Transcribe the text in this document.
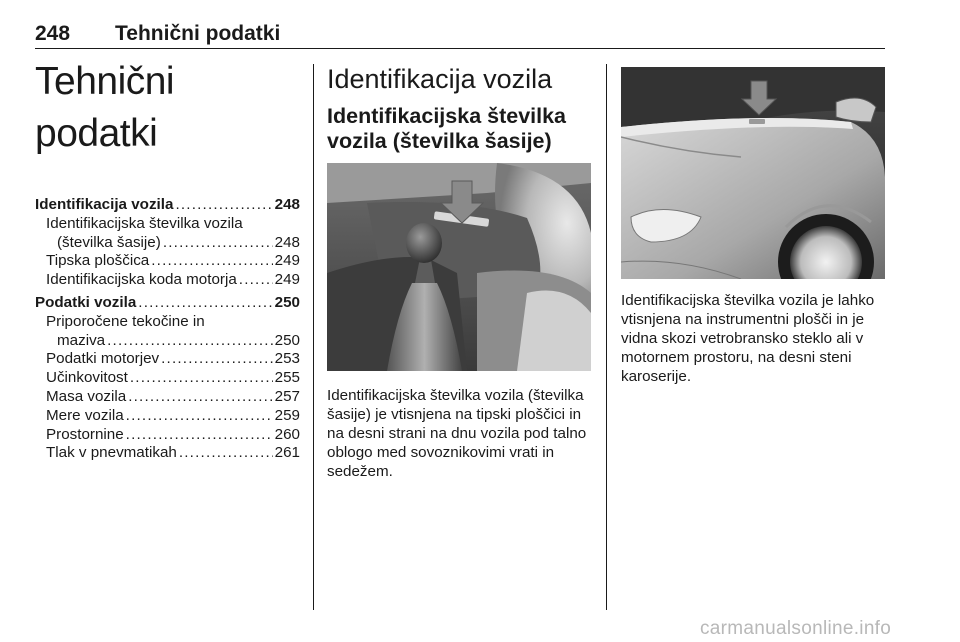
248 Tehnični podatki
Tehnični podatki
Identifikacija vozila .....	248
Identifikacijska številka vozila
(številka šasije) .....	248
Tipska ploščica .....	249
Identifikacijska koda motorja ..... 249
Podatki vozila .....	250
Priporočene tekočine in
maziva .....	250
Podatki motorjev .....	253
Učinkovitost .....	255
Masa vozila .....	257
Mere vozila .....	259
Prostornine .....	260
Tlak v pnevmatikah .....	261
Identifikacija vozila
Identifikacijska številka
vozila (številka šasije)
Identifikacijska številka vozila (številka šasije) je vtisnjena na tipski ploščici in na desni strani na dnu vozila pod talno oblogo med sovoznikovimi vrati in sedežem.
Identifikacijska številka vozila je lahko vtisnjena na instrumentni plošči in je vidna skozi vetrobransko steklo ali v motornem prostoru, na desni steni karoserije.
carmanualsonline.info
